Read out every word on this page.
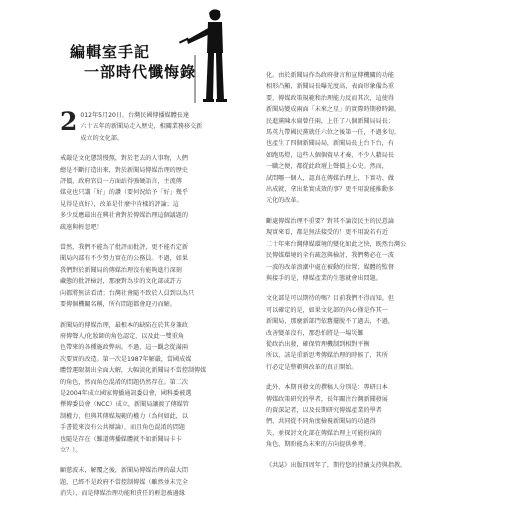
編輯室手記
一部時代懺悔錄
2 012年5月20日，台灣民國傳播媒體長達
六十五年的新聞局走入歷史，相關業務移交新
成立的文化部。
戒嚴是文化懲罰慢熬，對於老去的人事物，人們
總是不斷打造出來，對於新聞局傳媒治理的歷史
評價，政府官員一方面站得強硬語言，主流傳
媒竟也只講「好」的讚（要何況給予「好」幾乎
見得是真好），改革是什麼中肯樣的評論；這
多少反應最出在興社會對於傳媒治理這個議題的
疏遠與輕忽吧！
當然，我們不能為了批評而批評，更不能否定新
聞局內部有不少努力實在的公務員。不過，如果
我們對於新聞局的傳媒治理沒有能夠進行深刻
藏態的批評檢討，那麼對為步的文化部或許方
向都將無法看清；台灣社會隨不致於人員到以為只
要傳個機關名稱，所有問題都會迎刃而解。
新聞局的傳媒治理，最根本的缺陷在於其身兼政
府傳聲人/化妝師的角色認定，以及此一雙重角
色帶來的各種施政弊病。不過，這一觀念從滿兩
次要實的改造。第一次是1987年解嚴，當國成媒
體營運限制出全面大解，大幅淡化新聞局不當控制傳媒
的角色，然而角色混淆的問題仍然存在。第二次
是2004年成立國家傳播通訊委員會，國科委被選
擇傳委員會（NCC）成立，新聞局讓渡了傳媒管
制權力，但與其傳媒規範的權力（為何如此，以
手書從來沒有公共辯論），而且角色混淆的問題
也隨是存在（難道傳播媒體就不如新聞局卡卡
立？）。
顧慈波末，解覆之後，新聞局傳媒治理的最大問
題，已經不是政府不當控制傳媒（雖然並未完全
消失），而是傳媒治理功能和責任的輕忽被邊緣
化。由於新聞局作為政府發言和宣傳機關的功能
相形凸顯，新聞局長曝光度高，表面形象備為重
要，傳媒政策規範和治理能力反而其次，這使得
新聞局變成兩面「未來之星」的實際時期發時鐘。
民進黨陳水扁曾任兩，上任了八個新聞局局長；
馬英九帶國民黨就任六位之後第一任，不過多旬，
也產生了四個新聞局局，新聞局長上台下台，有
如跑馬燈，這些人個個資早才奏，不少人藉局長
一職之便，都從此政壇上聲價上心史。然而，
試問哪一個人，認真在傳媒治理上，下實功、做
出成就，拿出紮實成效的事？更不用說能推動多
元化的改革。
斷處傳媒治理不重要？對其不論沒民主的民意論
現實來看，都是無法接受的！更不用說若有近
二十年來台灣傳媒環境的變化如此之快，既然台灣公
民傳媒環境的全有疏忽與檢討，我們勢必在一波
一波的改革浪潮中處在被動的位置；媒體的監督
與接手的是，傳媒產業的生態就會出問題。
文化部是可以期待的嗎？目前我們不得而知。但
可以確定的是，如果文化部的內心僅是作其一
新聞局，那麼新部門依舊擺脫不了過去，不過，
改善變革沒有，那恐怕將是一場災難
從政治出發，確保管理機制到相對平衡
所以，該是重新思考傳媒治理的時候了，其所
行必定是整頓與改革的真正開始。
此外，本期刊發文的撰稿人分别是：專研日本
傳媒政策研究的學者，長年關注台灣新聞發展
的資深記者，以及長期研究傳媒產業的學者
們，共同從不同角度檢視新聞局的功過得
失，並探討文化部在傳媒治理上可能扮演的
角色，期盼能為未來的方向提供參考。
《共誌》出版四周年了，期待您的持續支持與指教。
